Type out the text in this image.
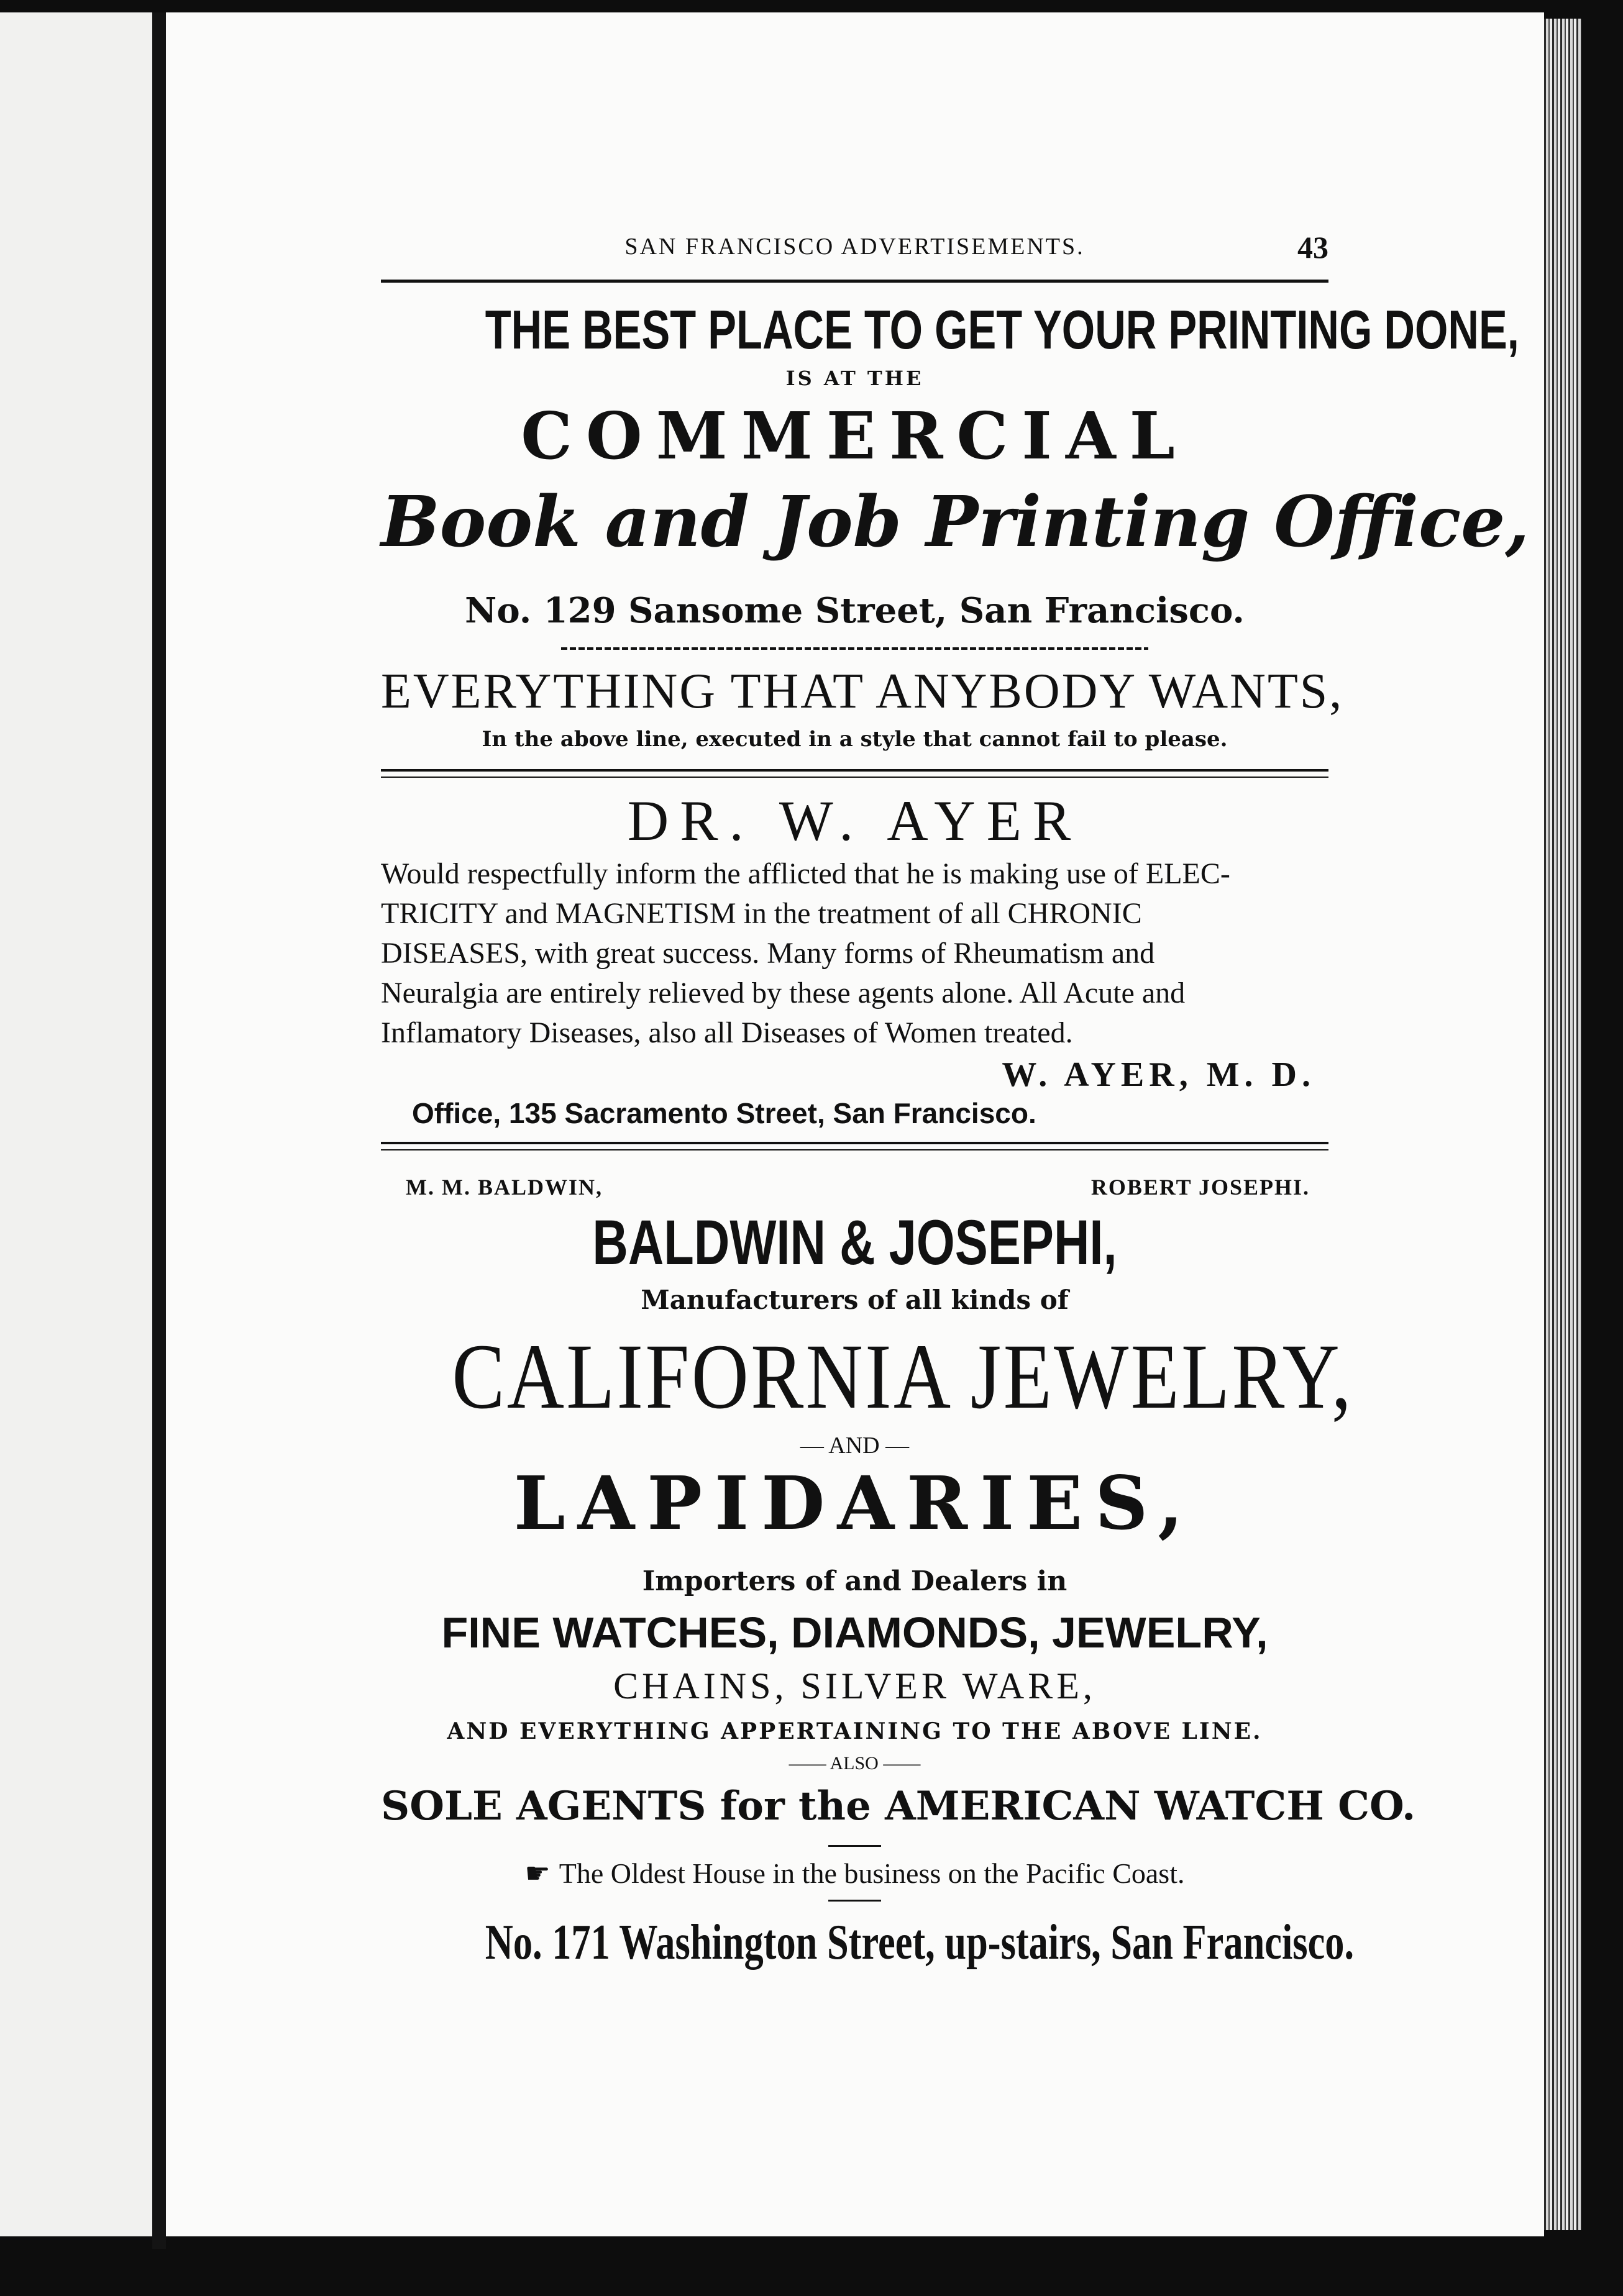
SAN FRANCISCO ADVERTISEMENTS.	43
THE BEST PLACE TO GET YOUR PRINTING DONE,
IS AT THE
COMMERCIAL
Book and Job Printing Office,
No. 129 Sansome Street, San Francisco.
EVERYTHING THAT ANYBODY WANTS,
In the above line, executed in a style that cannot fail to please.
DR. W. AYER

Would respectfully inform the afflicted that he is making use of ELEC-

TRICITY and MAGNETISM in the treatment of all CHRONIC

DISEASES, with great success. Many forms of Rheumatism and

Neuralgia are entirely relieved by these agents alone. All Acute and

Inflamatory Diseases, also all Diseases of Women treated.

W. AYER, M. D.
Office, 135 Sacramento Street, San Francisco.
M. M. BALDWIN,	ROBERT JOSEPHI.
BALDWIN & JOSEPHI,
Manufacturers of all kinds of
CALIFORNIA JEWELRY,
— AND —
LAPIDARIES,
Importers of and Dealers in
FINE WATCHES, DIAMONDS, JEWELRY,
CHAINS, SILVER WARE,
AND EVERYTHING APPERTAINING TO THE ABOVE LINE.
—— ALSO ——
SOLE AGENTS for the AMERICAN WATCH CO.
☛ The Oldest House in the business on the Pacific Coast.
No. 171 Washington Street, up-stairs, San Francisco.
